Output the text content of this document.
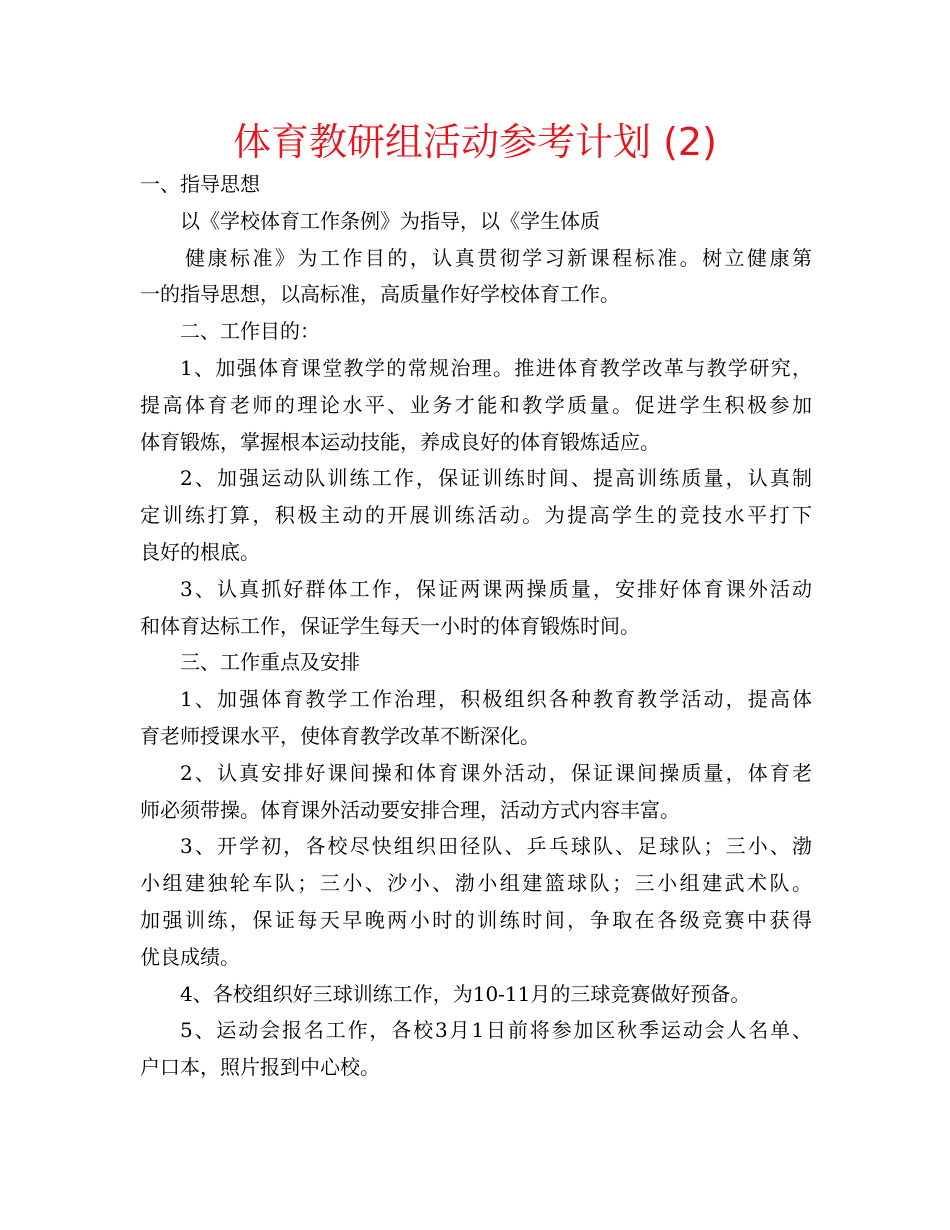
体育教研组活动参考计划 (2)
一、指导思想
以《学校体育工作条例》为指导，以《学生体质
健康标准》为工作目的，认真贯彻学习新课程标准。树立健康第
一的指导思想，以高标准，高质量作好学校体育工作。
二、工作目的：
1、加强体育课堂教学的常规治理。推进体育教学改革与教学研究，
提高体育老师的理论水平、业务才能和教学质量。促进学生积极参加
体育锻炼，掌握根本运动技能，养成良好的体育锻炼适应。
2、加强运动队训练工作，保证训练时间、提高训练质量，认真制
定训练打算，积极主动的开展训练活动。为提高学生的竞技水平打下
良好的根底。
3、认真抓好群体工作，保证两课两操质量，安排好体育课外活动
和体育达标工作，保证学生每天一小时的体育锻炼时间。
三、工作重点及安排
1、加强体育教学工作治理，积极组织各种教育教学活动，提高体
育老师授课水平，使体育教学改革不断深化。
2、认真安排好课间操和体育课外活动，保证课间操质量，体育老
师必须带操。体育课外活动要安排合理，活动方式内容丰富。
3、开学初，各校尽快组织田径队、乒乓球队、足球队；三小、渤
小组建独轮车队；三小、沙小、渤小组建篮球队；三小组建武术队。
加强训练，保证每天早晚两小时的训练时间，争取在各级竞赛中获得
优良成绩。
4、各校组织好三球训练工作，为10-11月的三球竞赛做好预备。
5、运动会报名工作，各校3月1日前将参加区秋季运动会人名单、
户口本，照片报到中心校。
